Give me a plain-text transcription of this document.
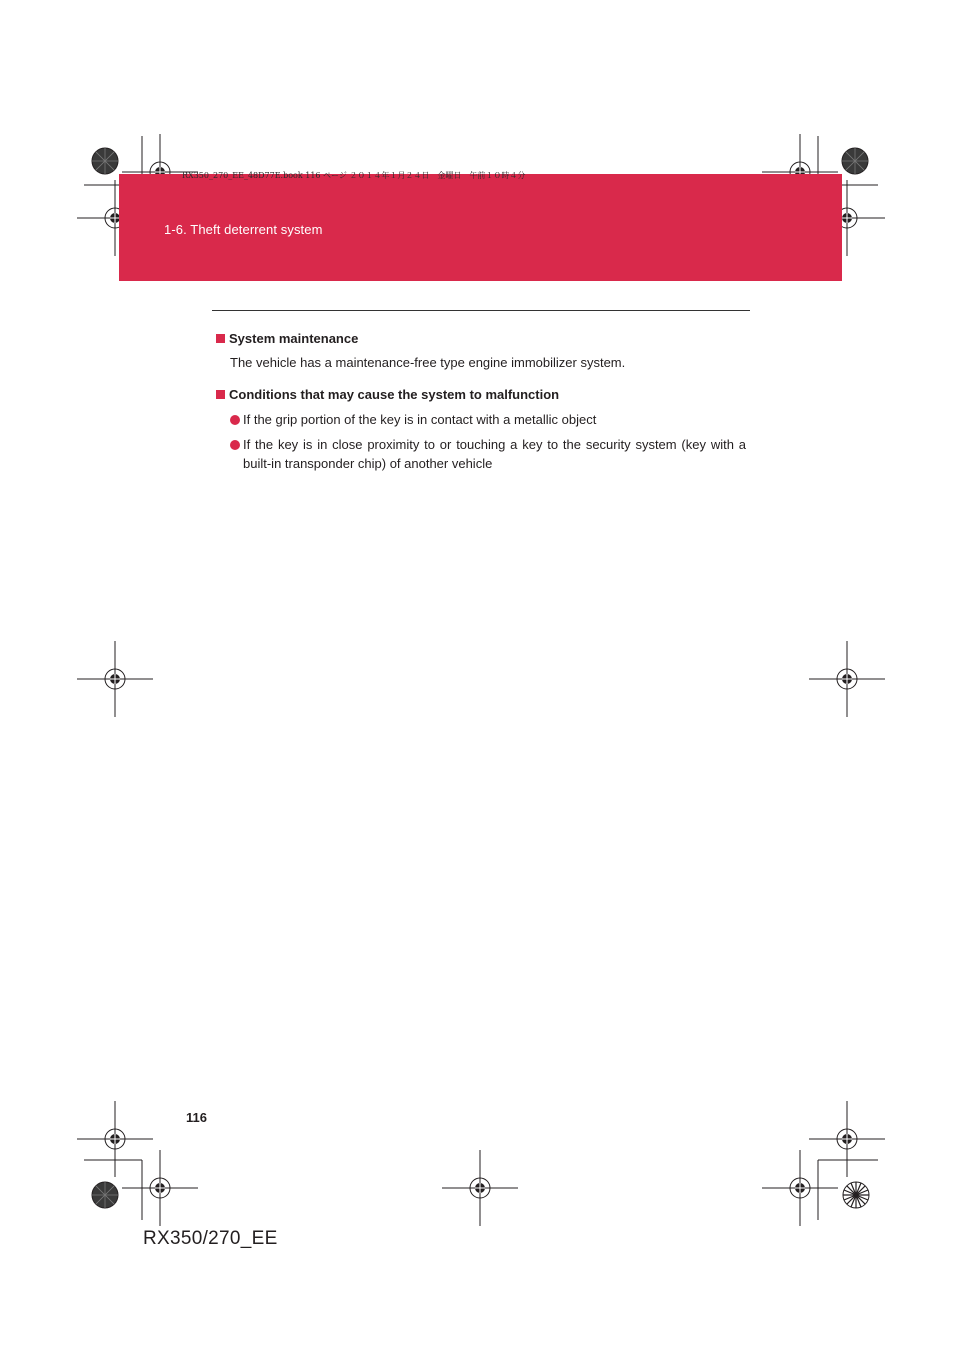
1-6. Theft deterrent system
RX350_270_EE_48D77E.book 116 ページ ２０１４年１月２４日　金曜日　午前１０時４分

System maintenance

The vehicle has a maintenance-free type engine immobilizer system.

Conditions that may cause the system to malfunction

If the grip portion of the key is in contact with a metallic object
If the key is in close proximity to or touching a key to the security system (key with a built-in transponder chip) of another vehicle
116
RX350/270_EE
